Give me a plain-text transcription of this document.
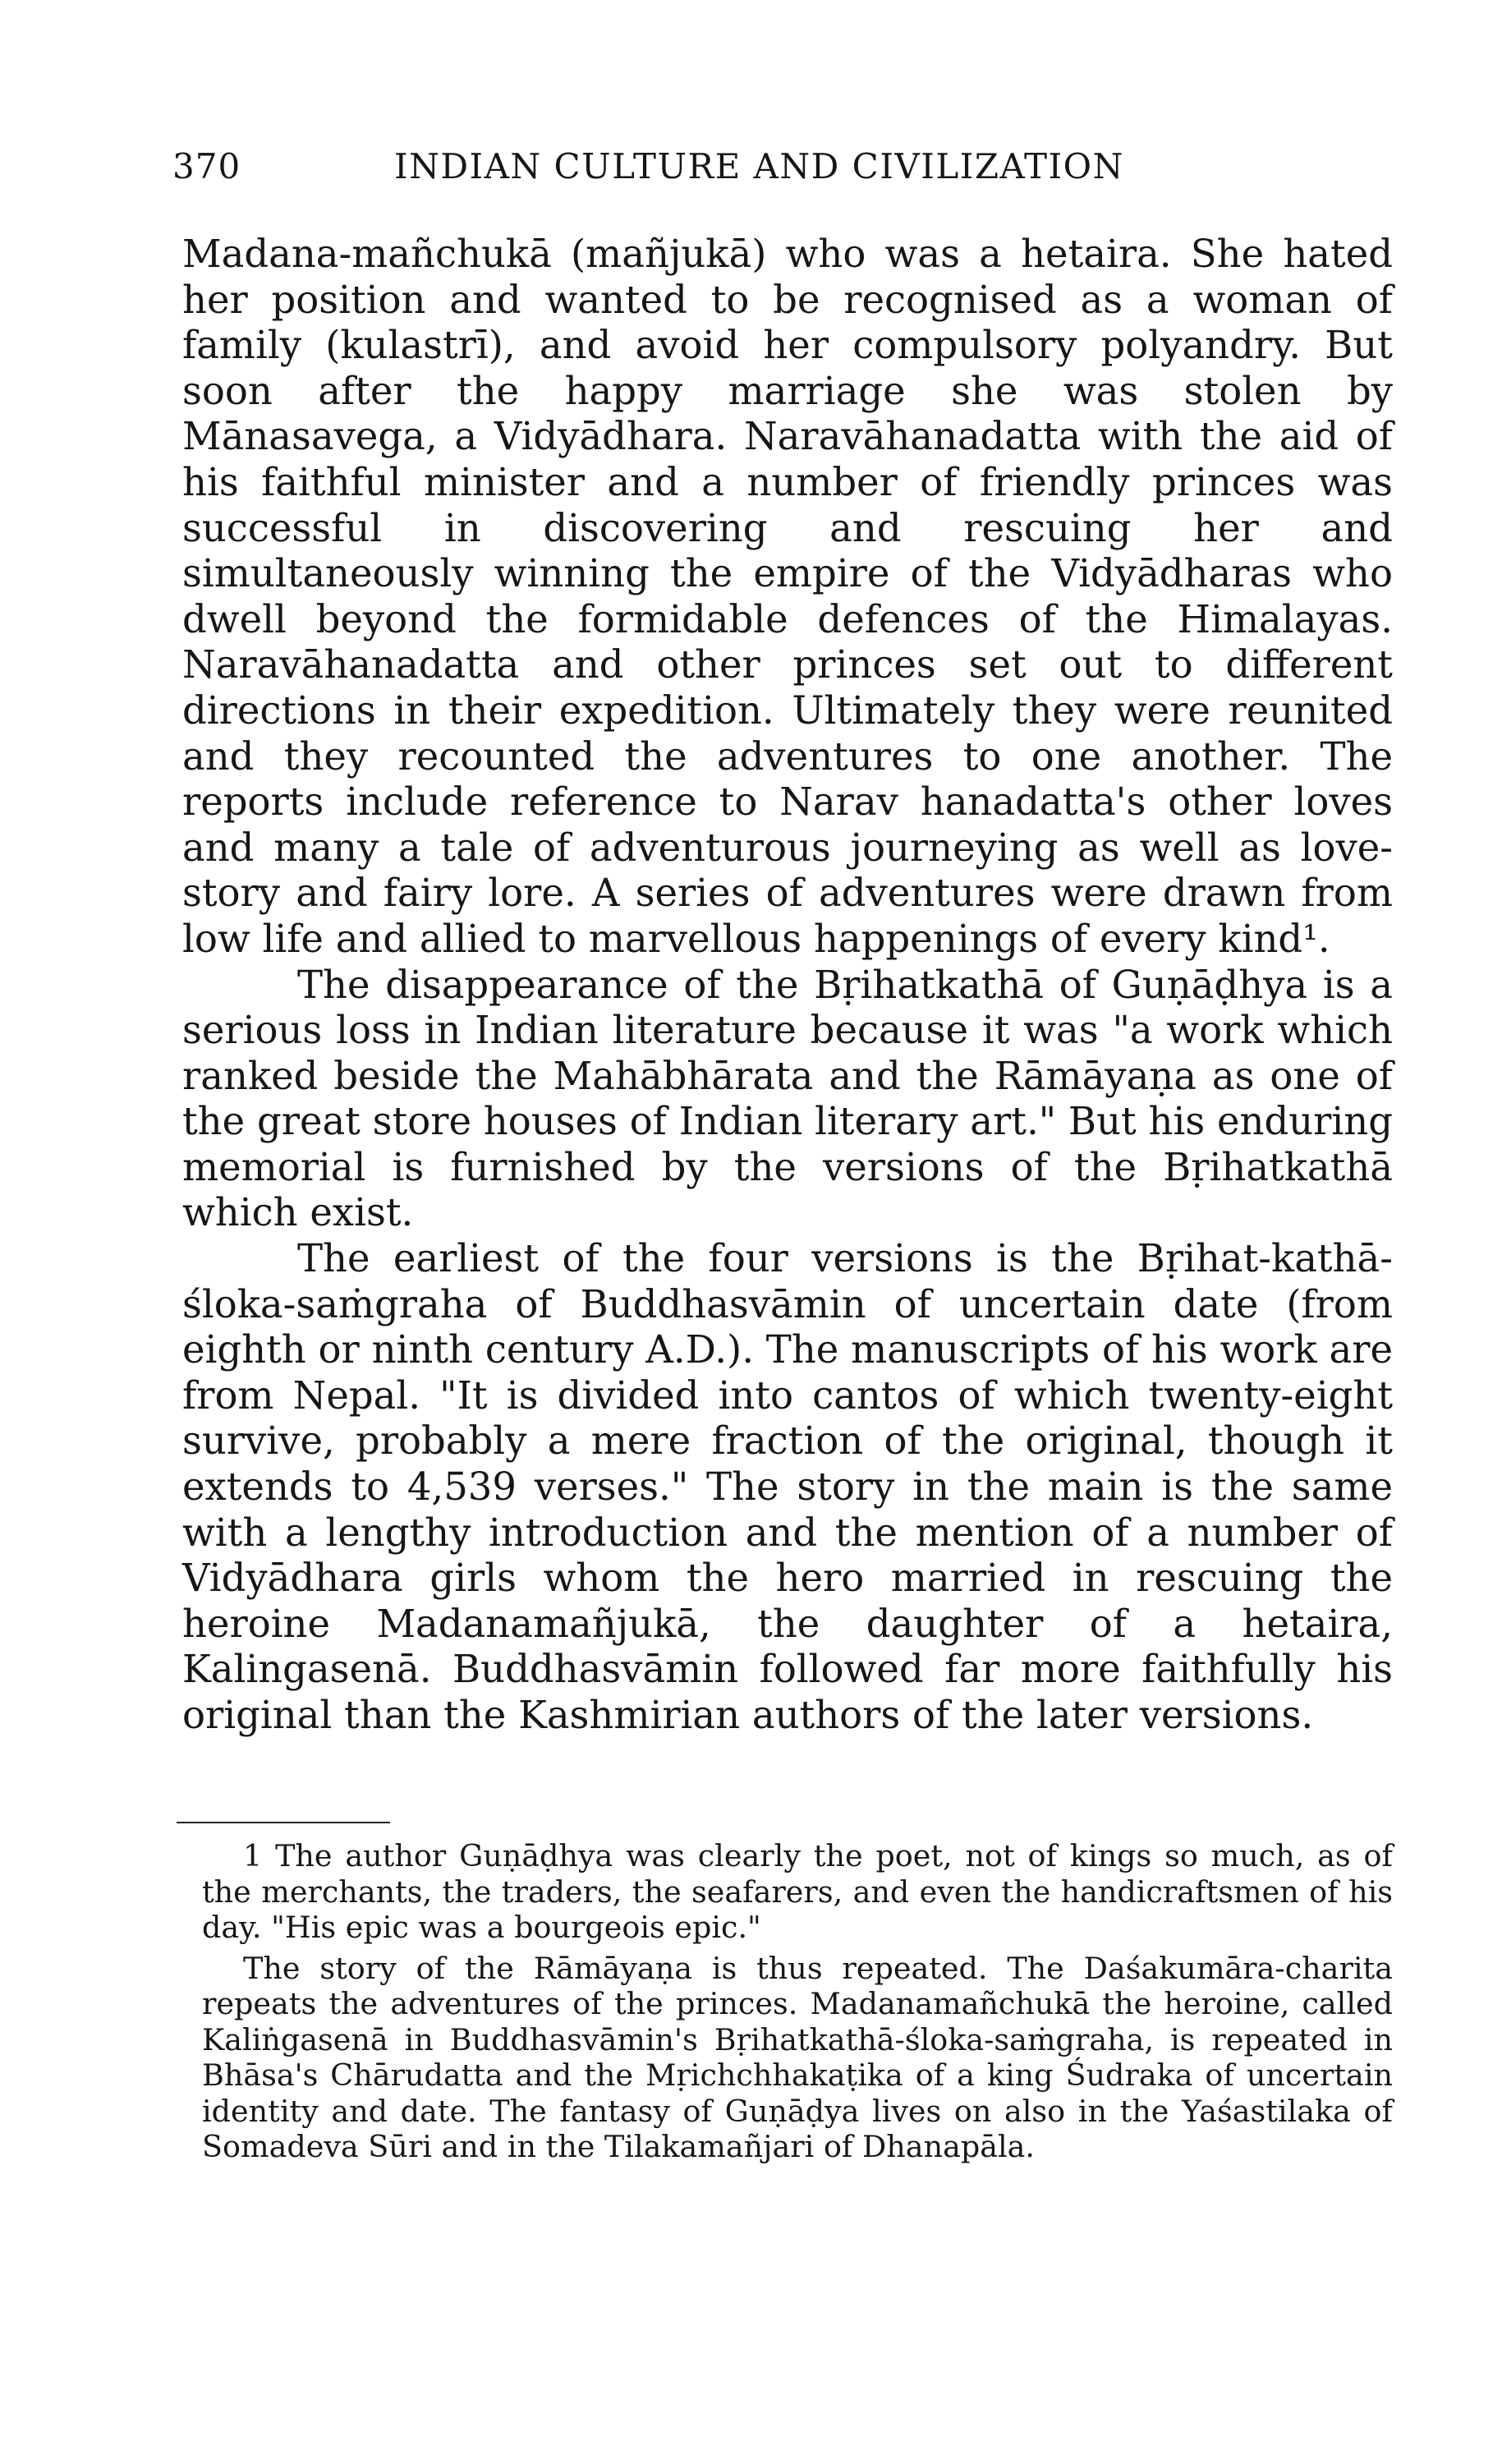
370	INDIAN CULTURE AND CIVILIZATION

Madana-mañchukā (mañjukā) who was a hetaira. She hated her position and wanted to be recognised as a woman of family (kulastrī), and avoid her compulsory polyandry. But soon after the happy marriage she was stolen by Mānasavega, a Vidyādhara. Naravāhanadatta with the aid of his faithful minister and a number of friendly princes was successful in discovering and rescuing her and simultaneously winning the empire of the Vidyādharas who dwell beyond the formidable defences of the Himalayas. Naravāhanadatta and other princes set out to different directions in their expedition. Ultimately they were reunited and they recounted the adventures to one another. The reports include reference to Narav hanadatta's other loves and many a tale of adventurous journeying as well as love-story and fairy lore. A series of adventures were drawn from low life and allied to marvellous happenings of every kind¹.

The disappearance of the Bṛihatkathā of Guṇāḍhya is a serious loss in Indian literature because it was "a work which ranked beside the Mahābhārata and the Rāmāyaṇa as one of the great store houses of Indian literary art." But his enduring memorial is furnished by the versions of the Bṛihatkathā which exist.

The earliest of the four versions is the Bṛihat-kathā-śloka-saṁgraha of Buddhasvāmin of uncertain date (from eighth or ninth century A.D.). The manuscripts of his work are from Nepal. "It is divided into cantos of which twenty-eight survive, probably a mere fraction of the original, though it extends to 4,539 verses." The story in the main is the same with a lengthy introduction and the mention of a number of Vidyādhara girls whom the hero married in rescuing the heroine Madanamañjukā, the daughter of a hetaira, Kalingasenā. Buddhasvāmin followed far more faithfully his original than the Kashmirian authors of the later versions.

1 The author Guṇāḍhya was clearly the poet, not of kings so much, as of the merchants, the traders, the seafarers, and even the handicraftsmen of his day. "His epic was a bourgeois epic."

The story of the Rāmāyaṇa is thus repeated. The Daśakumāra-charita repeats the adventures of the princes. Madanamañchukā the heroine, called Kaliṅgasenā in Buddhasvāmin's Bṛihatkathā-śloka-saṁgraha, is repeated in Bhāsa's Chārudatta and the Mṛichchhakaṭika of a king Śudraka of uncertain identity and date. The fantasy of Guṇāḍya lives on also in the Yaśastilaka of Somadeva Sūri and in the Tilakamañjari of Dhanapāla.
